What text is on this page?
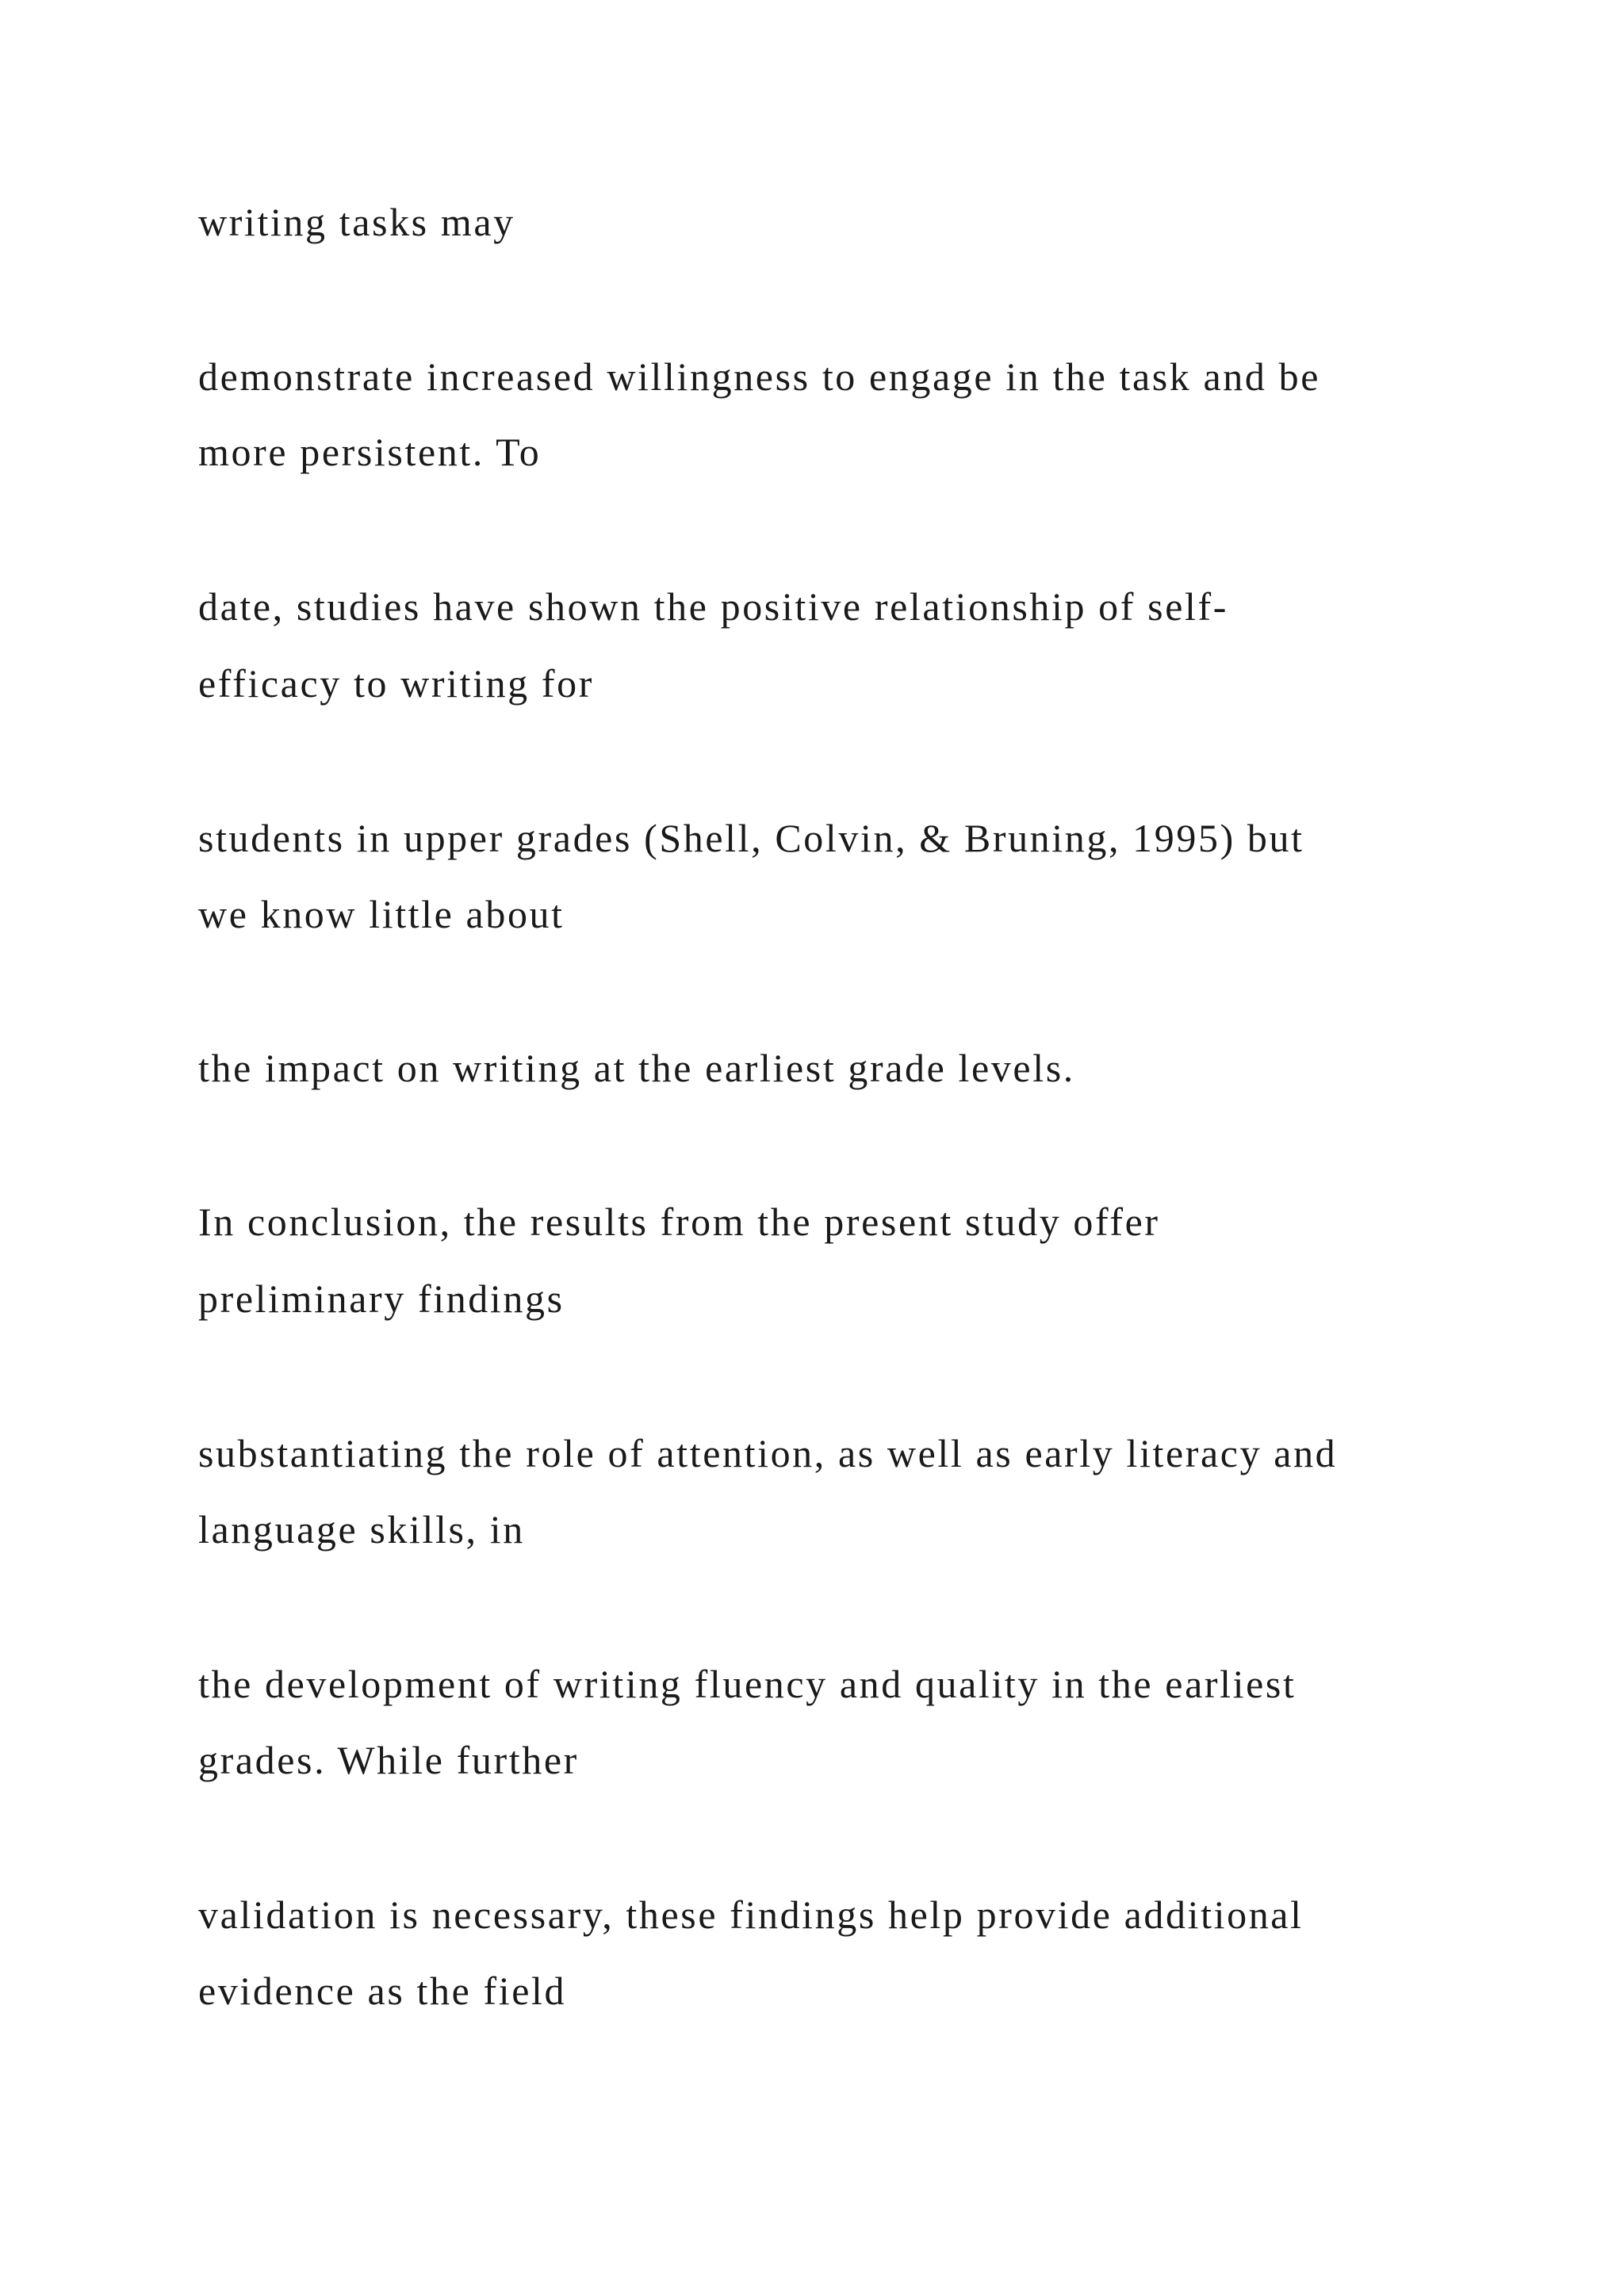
writing tasks may

demonstrate increased willingness to engage in the task and be

more persistent. To

date, studies have shown the positive relationship of self-

efficacy to writing for

students in upper grades (Shell, Colvin, & Bruning, 1995) but

we know little about

the impact on writing at the earliest grade levels.

In conclusion, the results from the present study offer

preliminary findings

substantiating the role of attention, as well as early literacy and

language skills, in

the development of writing fluency and quality in the earliest

grades. While further

validation is necessary, these findings help provide additional

evidence as the field
